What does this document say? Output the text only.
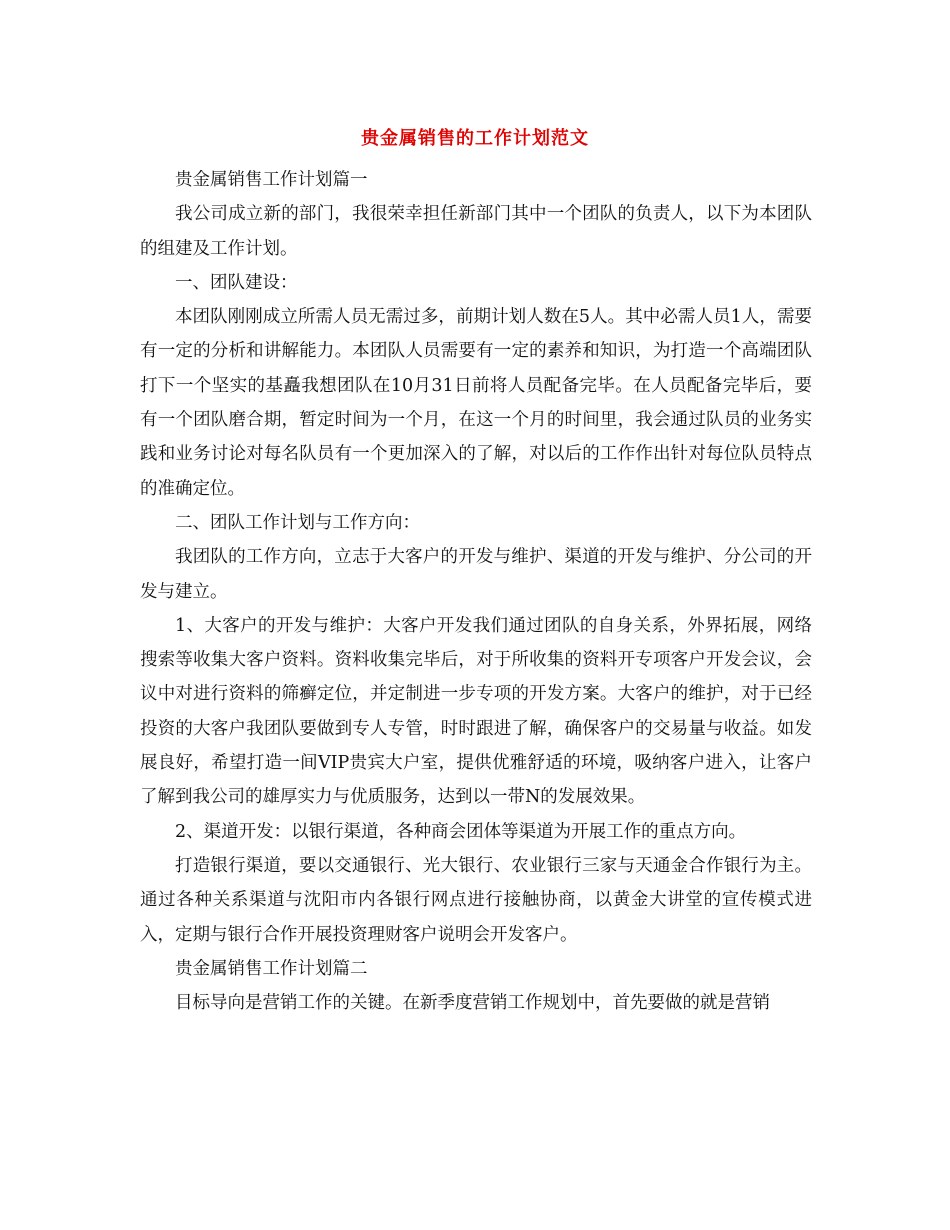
贵金属销售的工作计划范文

贵金属销售工作计划篇一

我公司成立新的部门，我很荣幸担任新部门其中一个团队的负责人，以下为本团队的组建及工作计划。

一、团队建设：

本团队刚刚成立所需人员无需过多，前期计划人数在5人。其中必需人员1人，需要有一定的分析和讲解能力。本团队人员需要有一定的素养和知识，为打造一个高端团队打下一个坚实的基矗我想团队在10月31日前将人员配备完毕。在人员配备完毕后，要有一个团队磨合期，暂定时间为一个月，在这一个月的时间里，我会通过队员的业务实践和业务讨论对每名队员有一个更加深入的了解，对以后的工作作出针对每位队员特点的准确定位。

二、团队工作计划与工作方向：

我团队的工作方向，立志于大客户的开发与维护、渠道的开发与维护、分公司的开发与建立。

1、大客户的开发与维护：大客户开发我们通过团队的自身关系，外界拓展，网络搜索等收集大客户资料。资料收集完毕后，对于所收集的资料开专项客户开发会议，会议中对进行资料的筛癣定位，并定制进一步专项的开发方案。大客户的维护，对于已经投资的大客户我团队要做到专人专管，时时跟进了解，确保客户的交易量与收益。如发展良好，希望打造一间VIP贵宾大户室，提供优雅舒适的环境，吸纳客户进入，让客户了解到我公司的雄厚实力与优质服务，达到以一带N的发展效果。

2、渠道开发：以银行渠道，各种商会团体等渠道为开展工作的重点方向。

打造银行渠道，要以交通银行、光大银行、农业银行三家与天通金合作银行为主。通过各种关系渠道与沈阳市内各银行网点进行接触协商，以黄金大讲堂的宣传模式进入，定期与银行合作开展投资理财客户说明会开发客户。

贵金属销售工作计划篇二

目标导向是营销工作的关键。在新季度营销工作规划中，首先要做的就是营销
